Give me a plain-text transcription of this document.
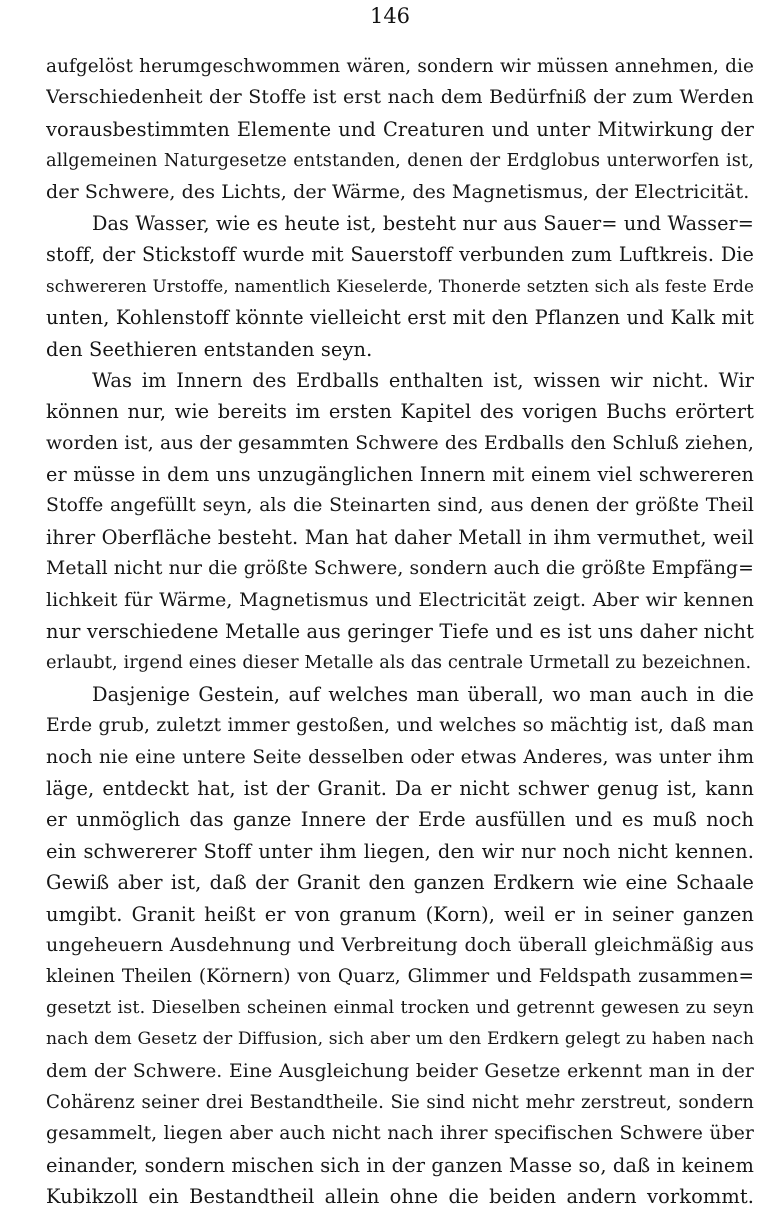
146
aufgelöst herumgeschwommen wären, sondern wir müssen annehmen, die
Verschiedenheit der Stoffe ist erst nach dem Bedürfniß der zum Werden
vorausbestimmten Elemente und Creaturen und unter Mitwirkung der
allgemeinen Naturgesetze entstanden, denen der Erdglobus unterworfen ist,
der Schwere, des Lichts, der Wärme, des Magnetismus, der Electricität.
Das Wasser, wie es heute ist, besteht nur aus Sauer= und Wasser=
stoff, der Stickstoff wurde mit Sauerstoff verbunden zum Luftkreis. Die
schwereren Urstoffe, namentlich Kieselerde, Thonerde setzten sich als feste Erde
unten, Kohlenstoff könnte vielleicht erst mit den Pflanzen und Kalk mit
den Seethieren entstanden seyn.
Was im Innern des Erdballs enthalten ist, wissen wir nicht. Wir
können nur, wie bereits im ersten Kapitel des vorigen Buchs erörtert
worden ist, aus der gesammten Schwere des Erdballs den Schluß ziehen,
er müsse in dem uns unzugänglichen Innern mit einem viel schwereren
Stoffe angefüllt seyn, als die Steinarten sind, aus denen der größte Theil
ihrer Oberfläche besteht. Man hat daher Metall in ihm vermuthet, weil
Metall nicht nur die größte Schwere, sondern auch die größte Empfäng=
lichkeit für Wärme, Magnetismus und Electricität zeigt. Aber wir kennen
nur verschiedene Metalle aus geringer Tiefe und es ist uns daher nicht
erlaubt, irgend eines dieser Metalle als das centrale Urmetall zu bezeichnen.
Dasjenige Gestein, auf welches man überall, wo man auch in die
Erde grub, zuletzt immer gestoßen, und welches so mächtig ist, daß man
noch nie eine untere Seite desselben oder etwas Anderes, was unter ihm
läge, entdeckt hat, ist der Granit. Da er nicht schwer genug ist, kann
er unmöglich das ganze Innere der Erde ausfüllen und es muß noch
ein schwererer Stoff unter ihm liegen, den wir nur noch nicht kennen.
Gewiß aber ist, daß der Granit den ganzen Erdkern wie eine Schaale
umgibt. Granit heißt er von granum (Korn), weil er in seiner ganzen
ungeheuern Ausdehnung und Verbreitung doch überall gleichmäßig aus
kleinen Theilen (Körnern) von Quarz, Glimmer und Feldspath zusammen=
gesetzt ist. Dieselben scheinen einmal trocken und getrennt gewesen zu seyn
nach dem Gesetz der Diffusion, sich aber um den Erdkern gelegt zu haben nach
dem der Schwere. Eine Ausgleichung beider Gesetze erkennt man in der
Cohärenz seiner drei Bestandtheile. Sie sind nicht mehr zerstreut, sondern
gesammelt, liegen aber auch nicht nach ihrer specifischen Schwere über
einander, sondern mischen sich in der ganzen Masse so, daß in keinem
Kubikzoll ein Bestandtheil allein ohne die beiden andern vorkommt.
